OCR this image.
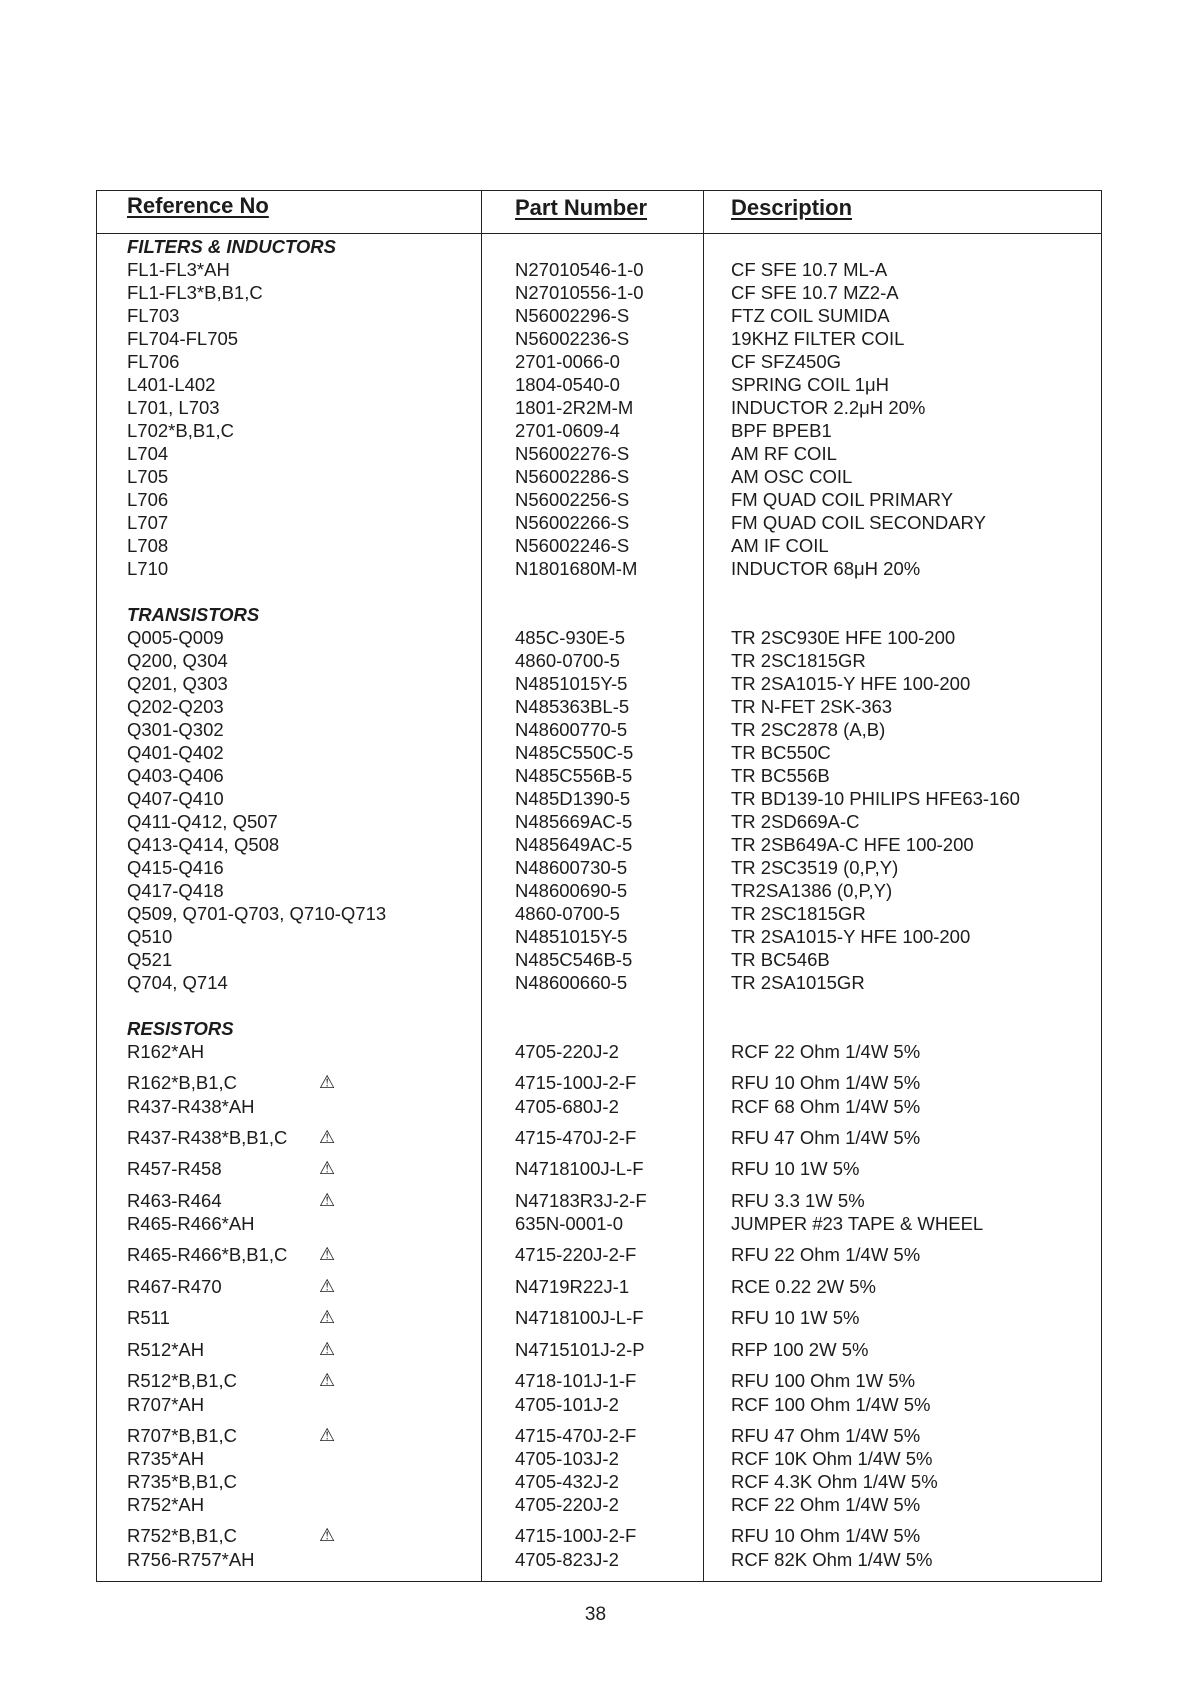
Reference No	Part Number	Description
FILTERS & INDUCTORS
FL1-FL3*AH	N27010546-1-0	CF SFE 10.7 ML-A
FL1-FL3*B,B1,C	N27010556-1-0	CF SFE 10.7 MZ2-A
FL703	N56002296-S	FTZ COIL SUMIDA
FL704-FL705	N56002236-S	19KHZ FILTER COIL
FL706	2701-0066-0	CF SFZ450G
L401-L402	1804-0540-0	SPRING COIL 1μH
L701, L703	1801-2R2M-M	INDUCTOR 2.2μH 20%
L702*B,B1,C	2701-0609-4	BPF BPEB1
L704	N56002276-S	AM RF COIL
L705	N56002286-S	AM OSC COIL
L706	N56002256-S	FM QUAD COIL PRIMARY
L707	N56002266-S	FM QUAD COIL SECONDARY
L708	N56002246-S	AM IF COIL
L710	N1801680M-M	INDUCTOR 68μH 20%
TRANSISTORS
Q005-Q009	485C-930E-5	TR 2SC930E HFE 100-200
Q200, Q304	4860-0700-5	TR 2SC1815GR
Q201, Q303	N4851015Y-5	TR 2SA1015-Y HFE 100-200
Q202-Q203	N485363BL-5	TR N-FET 2SK-363
Q301-Q302	N48600770-5	TR 2SC2878 (A,B)
Q401-Q402	N485C550C-5	TR BC550C
Q403-Q406	N485C556B-5	TR BC556B
Q407-Q410	N485D1390-5	TR BD139-10 PHILIPS HFE63-160
Q411-Q412, Q507	N485669AC-5	TR 2SD669A-C
Q413-Q414, Q508	N485649AC-5	TR 2SB649A-C HFE 100-200
Q415-Q416	N48600730-5	TR 2SC3519 (0,P,Y)
Q417-Q418	N48600690-5	TR2SA1386 (0,P,Y)
Q509, Q701-Q703, Q710-Q713	4860-0700-5	TR 2SC1815GR
Q510	N4851015Y-5	TR 2SA1015-Y HFE 100-200
Q521	N485C546B-5	TR BC546B
Q704, Q714	N48600660-5	TR 2SA1015GR
RESISTORS
R162*AH	4705-220J-2	RCF 22 Ohm 1/4W 5%
R162*B,B1,C	⚠	4715-100J-2-F	RFU 10 Ohm 1/4W 5%
R437-R438*AH	4705-680J-2	RCF 68 Ohm 1/4W 5%
R437-R438*B,B1,C ⚠	4715-470J-2-F	RFU 47 Ohm 1/4W 5%
R457-R458	⚠	N4718100J-L-F	RFU 10 1W 5%
R463-R464	⚠	N47183R3J-2-F	RFU 3.3 1W 5%
R465-R466*AH	635N-0001-0	JUMPER #23 TAPE & WHEEL
R465-R466*B,B1,C ⚠	4715-220J-2-F	RFU 22 Ohm 1/4W 5%
R467-R470	⚠	N4719R22J-1	RCE 0.22 2W 5%
R511	⚠	N4718100J-L-F	RFU 10 1W 5%
R512*AH	⚠	N4715101J-2-P	RFP 100 2W 5%
R512*B,B1,C	⚠	4718-101J-1-F	RFU 100 Ohm 1W 5%
R707*AH	4705-101J-2	RCF 100 Ohm 1/4W 5%
R707*B,B1,C	⚠	4715-470J-2-F	RFU 47 Ohm 1/4W 5%
R735*AH	4705-103J-2	RCF 10K Ohm 1/4W 5%
R735*B,B1,C	4705-432J-2	RCF 4.3K Ohm 1/4W 5%
R752*AH	4705-220J-2	RCF 22 Ohm 1/4W 5%
R752*B,B1,C	⚠	4715-100J-2-F	RFU 10 Ohm 1/4W 5%
R756-R757*AH	4705-823J-2	RCF 82K Ohm 1/4W 5%
38
